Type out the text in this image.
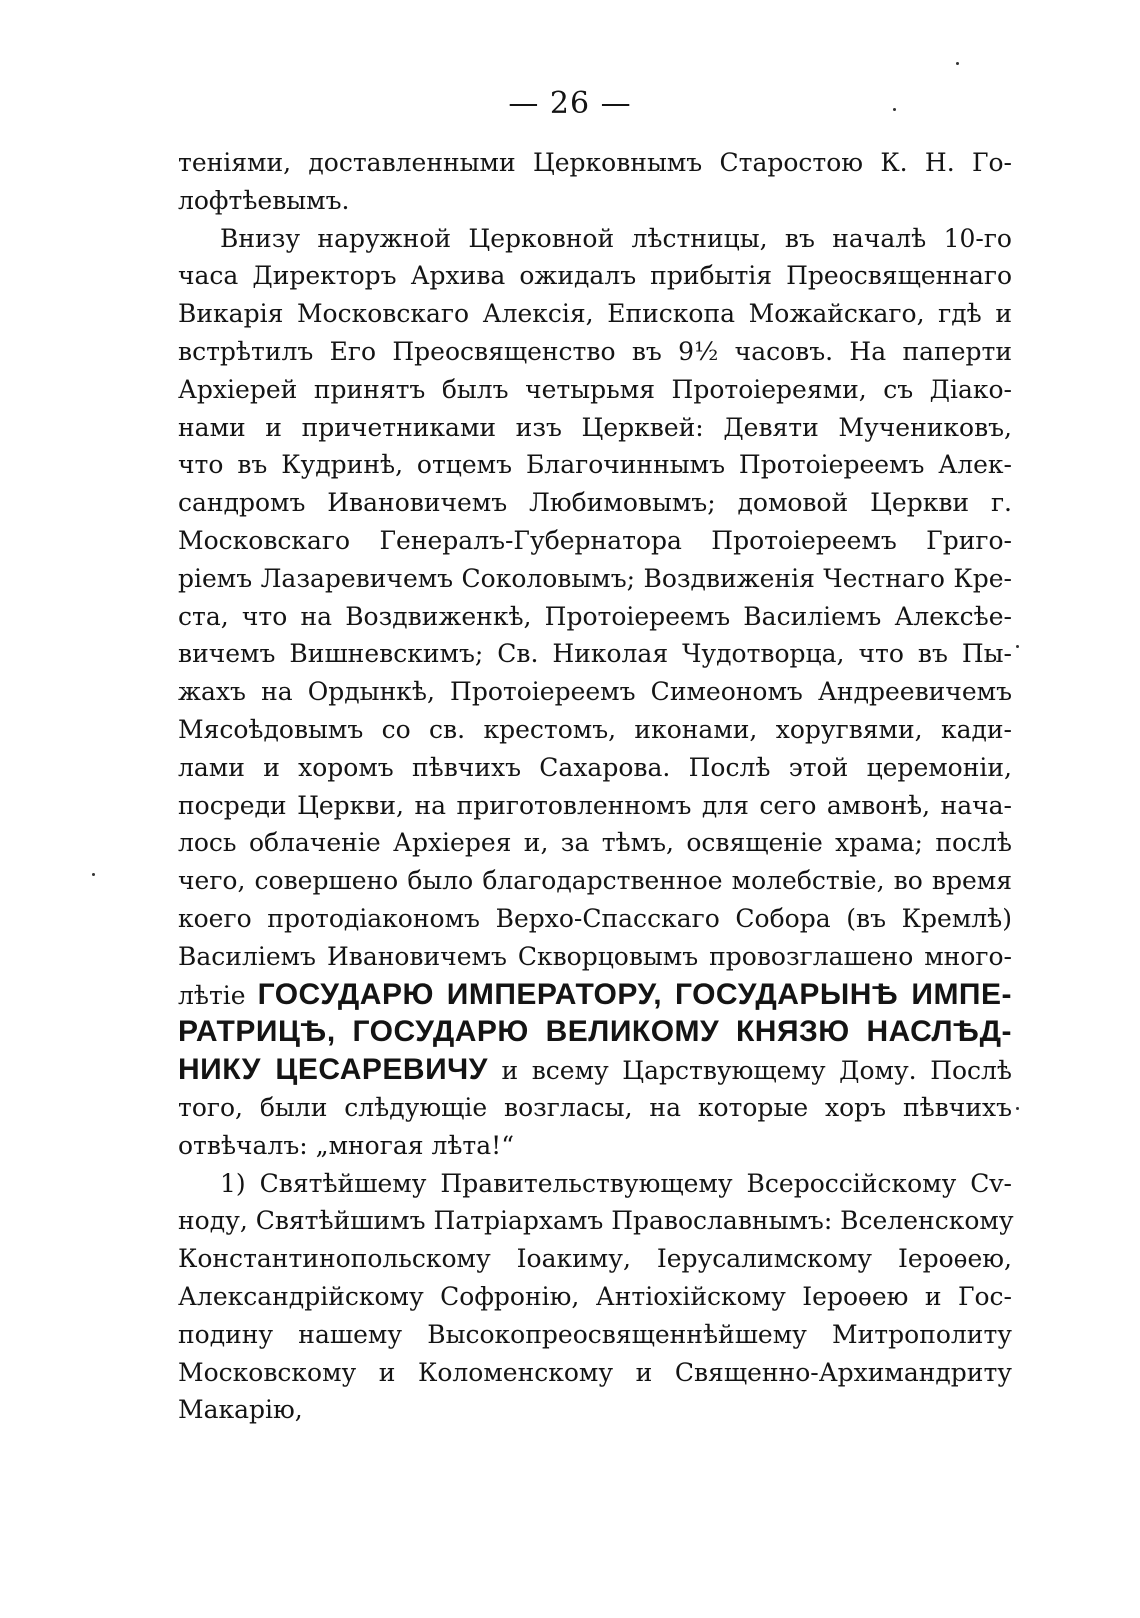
— 26 —
теніями, доставленными Церковнымъ Старостою К. Н. Го-
лофтѣевымъ.
Внизу наружной Церковной лѣстницы, въ началѣ 10-го
часа Директоръ Архива ожидалъ прибытія Преосвященнаго
Викарія Московскаго Алексія, Епископа Можайскаго, гдѣ и
встрѣтилъ Его Преосвященство въ 9½ часовъ. На паперти
Архіерей принятъ былъ четырьмя Протоіереями, съ Діако-
нами и причетниками изъ Церквей: Девяти Мучениковъ,
что въ Кудринѣ, отцемъ Благочиннымъ Протоіереемъ Алек-
сандромъ Ивановичемъ Любимовымъ; домовой Церкви г.
Московскаго Генералъ-Губернатора Протоіереемъ Григо-
ріемъ Лазаревичемъ Соколовымъ; Воздвиженія Честнаго Кре-
ста, что на Воздвиженкѣ, Протоіереемъ Василіемъ Алексѣе-
вичемъ Вишневскимъ; Св. Николая Чудотворца, что въ Пы-
жахъ на Ордынкѣ, Протоіереемъ Симеономъ Андреевичемъ
Мясоѣдовымъ со св. крестомъ, иконами, хоругвями, кади-
лами и хоромъ пѣвчихъ Сахарова. Послѣ этой церемоніи,
посреди Церкви, на приготовленномъ для сего амвонѣ, нача-
лось облаченіе Архіерея и, за тѣмъ, освященіе храма; послѣ
чего, совершено было благодарственное молебствіе, во время
коего протодіакономъ Верхо-Спасскаго Собора (въ Кремлѣ)
Василіемъ Ивановичемъ Скворцовымъ провозглашено много-
лѣтіе ГОСУДАРЮ ИМПЕРАТОРУ, ГОСУДАРЫНѢ ИМПЕ-
РАТРИЦѢ, ГОСУДАРЮ ВЕЛИКОМУ КНЯЗЮ НАСЛѢД-
НИКУ ЦЕСАРЕВИЧУ и всему Царствующему Дому. Послѣ
того, были слѣдующіе возгласы, на которые хоръ пѣвчихъ
отвѣчалъ: „многая лѣта!“
1) Святѣйшему Правительствующему Всероссійскому Сv-
ноду, Святѣйшимъ Патріархамъ Православнымъ: Вселенскому
Константинопольскому Іоакиму, Іерусалимскому Іероѳею,
Александрійскому Софронію, Антіохійскому Іероѳею и Гос-
подину нашему Высокопреосвященнѣйшему Митрополиту
Московскому и Коломенскому и Священно-Архимандриту
Макарію,
